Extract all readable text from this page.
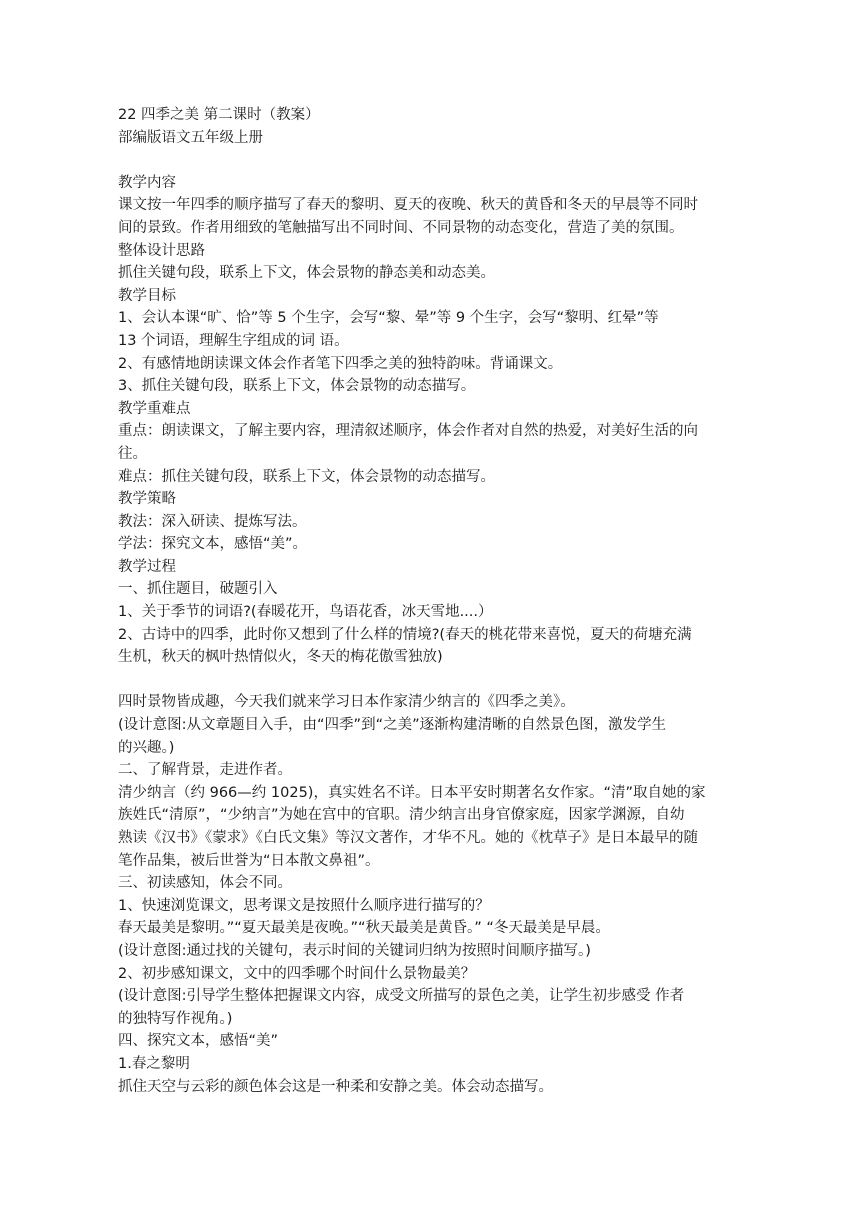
22 四季之美 第二课时（教案）
部编版语文五年级上册
教学内容
课文按一年四季的顺序描写了春天的黎明、夏天的夜晚、秋天的黄昏和冬天的早晨等不同时
间的景致。作者用细致的笔触描写出不同时间、不同景物的动态变化，营造了美的氛围。
整体设计思路
抓住关键句段，联系上下文，体会景物的静态美和动态美。
教学目标
1、会认本课“旷、恰”等 5 个生字，会写“黎、晕”等 9 个生字，会写“黎明、红晕”等
13 个词语，理解生字组成的词 语。
2、有感情地朗读课文体会作者笔下四季之美的独特韵味。背诵课文。
3、抓住关键句段，联系上下文，体会景物的动态描写。
教学重难点
重点：朗读课文，了解主要内容，理清叙述顺序，体会作者对自然的热爱，对美好生活的向
往。
难点：抓住关键句段，联系上下文，体会景物的动态描写。
教学策略
教法：深入研读、提炼写法。
学法：探究文本，感悟“美”。
教学过程
一、抓住题目，破题引入
1、关于季节的词语?(春暖花开，鸟语花香，冰天雪地....）
2、古诗中的四季，此时你又想到了什么样的情境?(春天的桃花带来喜悦，夏天的荷塘充满
生机，秋天的枫叶热情似火，冬天的梅花傲雪独放)
四时景物皆成趣，今天我们就来学习日本作家清少纳言的《四季之美》。
(设计意图:从文章题目入手，由“四季”到“之美”逐渐构建清晰的自然景色图，激发学生
的兴趣。)
二、了解背景，走进作者。
清少纳言（约 966—约 1025)，真实姓名不详。日本平安时期著名女作家。“清”取自她的家
族姓氏“清原”，“少纳言”为她在宫中的官职。清少纳言出身官僚家庭，因家学渊源，自幼
熟读《汉书》《蒙求》《白氏文集》等汉文著作，才华不凡。她的《枕草子》是日本最早的随
笔作品集，被后世誉为“日本散文鼻祖”。
三、初读感知，体会不同。
1、快速浏览课文，思考课文是按照什么顺序进行描写的？
春天最美是黎明。”“夏天最美是夜晚。”“秋天最美是黄昏。” “冬天最美是早晨。
(设计意图:通过找的关键句，表示时间的关键词归纳为按照时间顺序描写。)
2、初步感知课文，文中的四季哪个时间什么景物最美？
(设计意图:引导学生整体把握课文内容，成受文所描写的景色之美，让学生初步感受 作者
的独特写作视角。)
四、探究文本，感悟“美”
1.春之黎明
抓住天空与云彩的颜色体会这是一种柔和安静之美。体会动态描写。
